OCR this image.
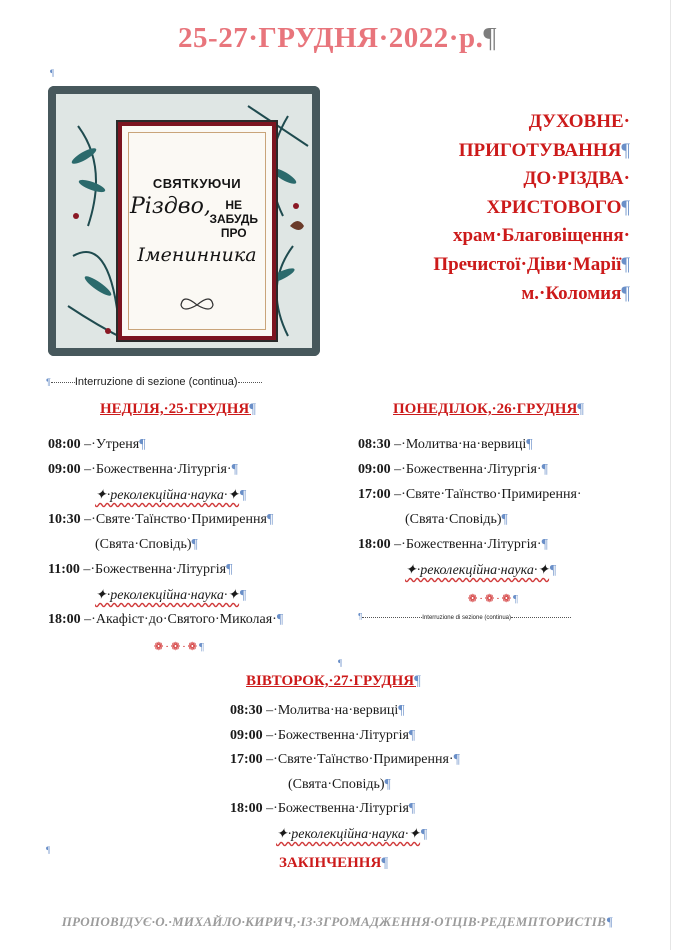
25-27·ГРУДНЯ·2022·р.¶
¶
СВЯТКУЮЧИ
Різдво,	НЕ
ЗАБУДЬ
ПРО
Іменинника
ДУХОВНЕ·
ПРИГОТУВАННЯ¶
ДО·РІЗДВА·
ХРИСТОВОГО¶
храм·Благовіщення·
Пречистої·Діви·Марії¶
м.·Коломия¶
¶ Interruzione di sezione (continua)
НЕДІЛЯ,·25·ГРУДНЯ¶
08:00 –·Утреня¶
09:00 –·Божественна·Літургія·¶
✦·реколекційна·наука·✦¶
10:30 –·Святе·Таїнство·Примирення¶
(Свята·Сповідь)¶
11:00 –·Божественна·Літургія¶
✦·реколекційна·наука·✦¶
18:00 –·Акафіст·до·Святого·Миколая·¶
❁·❁·❁¶
ПОНЕДІЛОК,·26·ГРУДНЯ¶
08:30 –·Молитва·на·вервиці¶
09:00 –·Божественна·Літургія·¶
17:00 –·Святе·Таїнство·Примирення·
(Свята·Сповідь)¶
18:00 –·Божественна·Літургія·¶
✦·реколекційна·наука·✦¶
❁·❁·❁¶
¶	Interruzione di sezione (continua)
¶
ВІВТОРОК,·27·ГРУДНЯ¶
08:30 –·Молитва·на·вервиці¶
09:00 –·Божественна·Літургія¶
17:00 –·Святе·Таїнство·Примирення·¶
(Свята·Сповідь)¶
18:00 –·Божественна·Літургія¶
✦·реколекційна·наука·✦¶
¶
ЗАКІНЧЕННЯ¶
ПРОПОВІДУЄ·О.·МИХАЙЛО·КИРИЧ,·ІЗ·ЗГРОМАДЖЕННЯ·ОТЦІВ·РЕДЕМПТОРИСТІВ¶
